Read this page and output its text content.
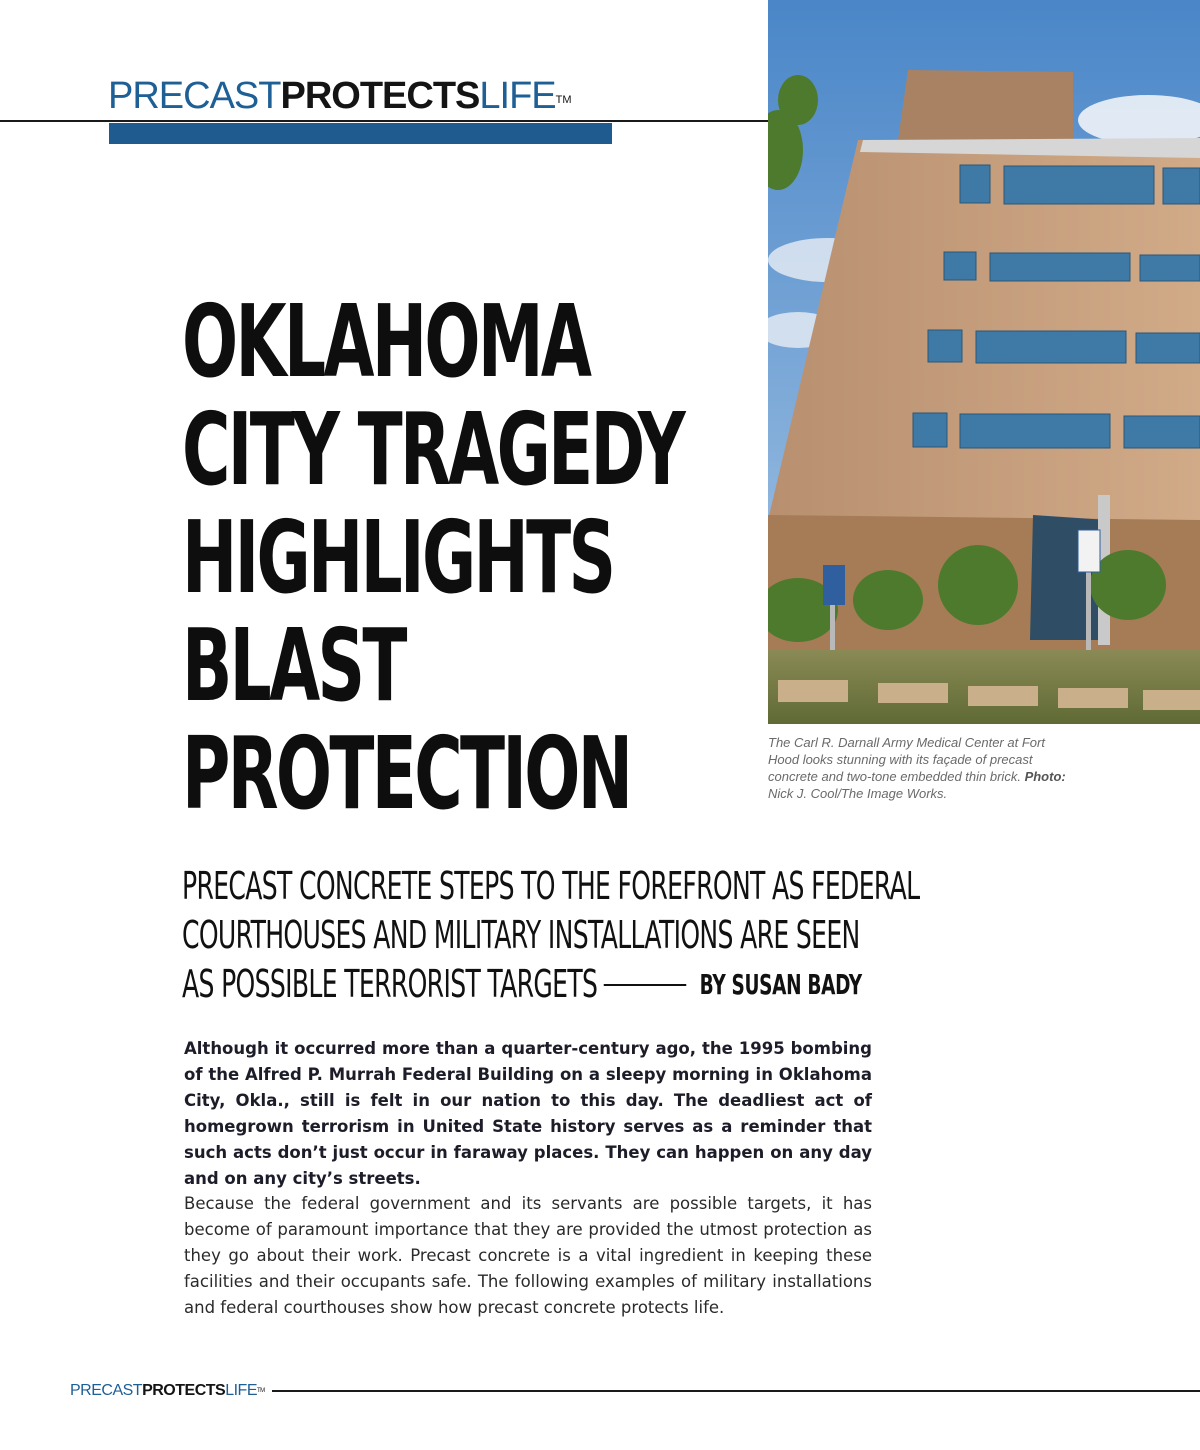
PRECASTPROTECTSLIFE™
OKLAHOMA
CITY TRAGEDY
HIGHLIGHTS
BLAST
PROTECTION	The Carl R. Darnall Army Medical Center at Fort Hood looks stunning with its façade of precast concrete and two-tone embedded thin brick. Photo: Nick J. Cool/The Image Works.
PRECAST CONCRETE STEPS TO THE FOREFRONT AS FEDERAL
COURTHOUSES AND MILITARY INSTALLATIONS ARE SEEN
AS POSSIBLE TERRORIST TARGETS	BY SUSAN BADY
Although it occurred more than a quarter-century ago, the 1995 bombing of the Alfred P. Murrah Federal Building on a sleepy morning in Oklahoma City, Okla., still is felt in our nation to this day. The deadliest act of homegrown terrorism in United State history serves as a reminder that such acts don’t just occur in faraway places. They can happen on any day and on any city’s streets.
Because the federal government and its servants are possible targets, it has become of paramount importance that they are provided the utmost protection as they go about their work. Precast concrete is a vital ingredient in keeping these facilities and their occupants safe. The following examples of military installations and federal courthouses show how precast concrete protects life.
PRECASTPROTECTSLIFE™
